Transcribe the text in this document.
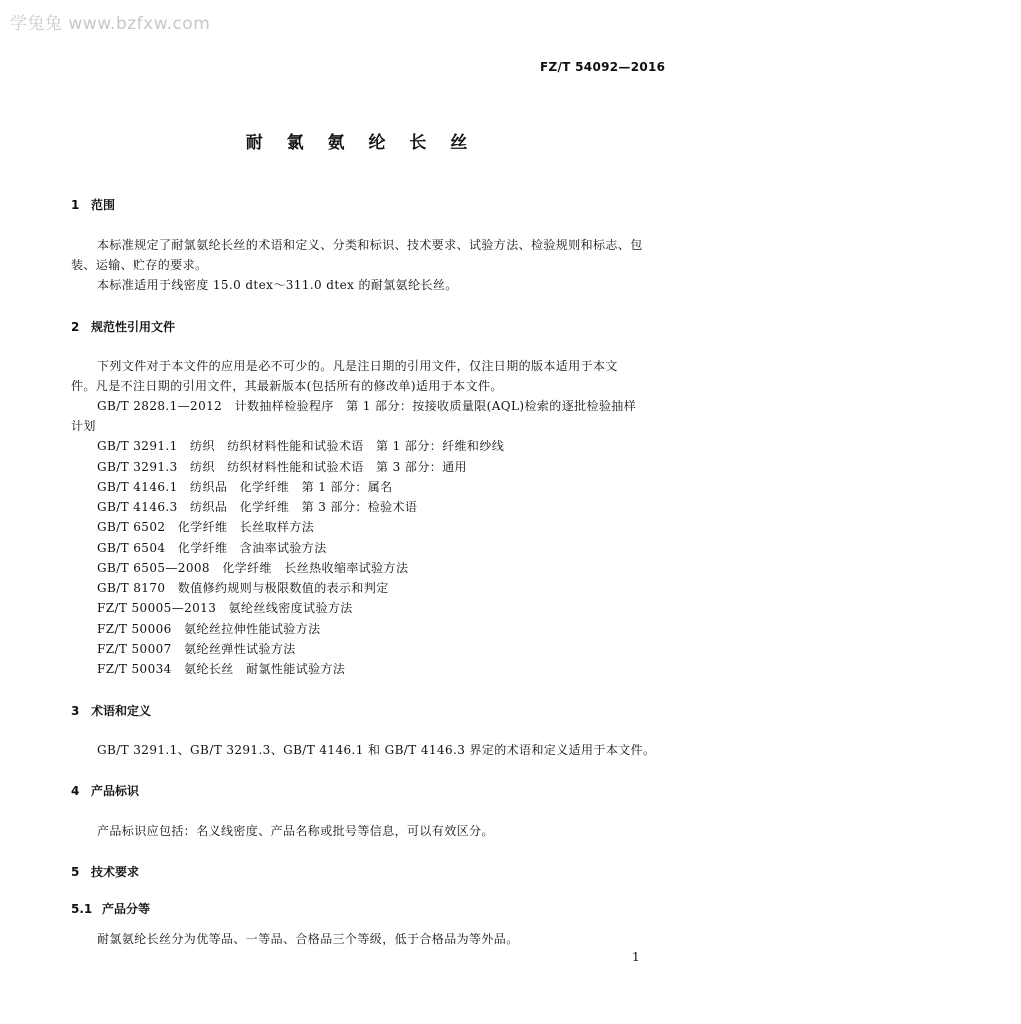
学兔兔 www.bzfxw.com
FZ/T 54092—2016
耐 氯 氨 纶 长 丝
1 范围
本标准规定了耐氯氨纶长丝的术语和定义、分类和标识、技术要求、试验方法、检验规则和标志、包
装、运输、贮存的要求。
本标准适用于线密度 15.0 dtex～311.0 dtex 的耐氯氨纶长丝。
2 规范性引用文件
下列文件对于本文件的应用是必不可少的。凡是注日期的引用文件，仅注日期的版本适用于本文
件。凡是不注日期的引用文件，其最新版本(包括所有的修改单)适用于本文件。
GB/T 2828.1—2012　计数抽样检验程序　第 1 部分：按接收质量限(AQL)检索的逐批检验抽样
计划
GB/T 3291.1　纺织　纺织材料性能和试验术语　第 1 部分：纤维和纱线
GB/T 3291.3　纺织　纺织材料性能和试验术语　第 3 部分：通用
GB/T 4146.1　纺织品　化学纤维　第 1 部分：属名
GB/T 4146.3　纺织品　化学纤维　第 3 部分：检验术语
GB/T 6502　化学纤维　长丝取样方法
GB/T 6504　化学纤维　含油率试验方法
GB/T 6505—2008　化学纤维　长丝热收缩率试验方法
GB/T 8170　数值修约规则与极限数值的表示和判定
FZ/T 50005—2013　氨纶丝线密度试验方法
FZ/T 50006　氨纶丝拉伸性能试验方法
FZ/T 50007　氨纶丝弹性试验方法
FZ/T 50034　氨纶长丝　耐氯性能试验方法
3 术语和定义
GB/T 3291.1、GB/T 3291.3、GB/T 4146.1 和 GB/T 4146.3 界定的术语和定义适用于本文件。
4 产品标识
产品标识应包括：名义线密度、产品名称或批号等信息，可以有效区分。
5 技术要求
5.1 产品分等
耐氯氨纶长丝分为优等品、一等品、合格品三个等级，低于合格品为等外品。
1
